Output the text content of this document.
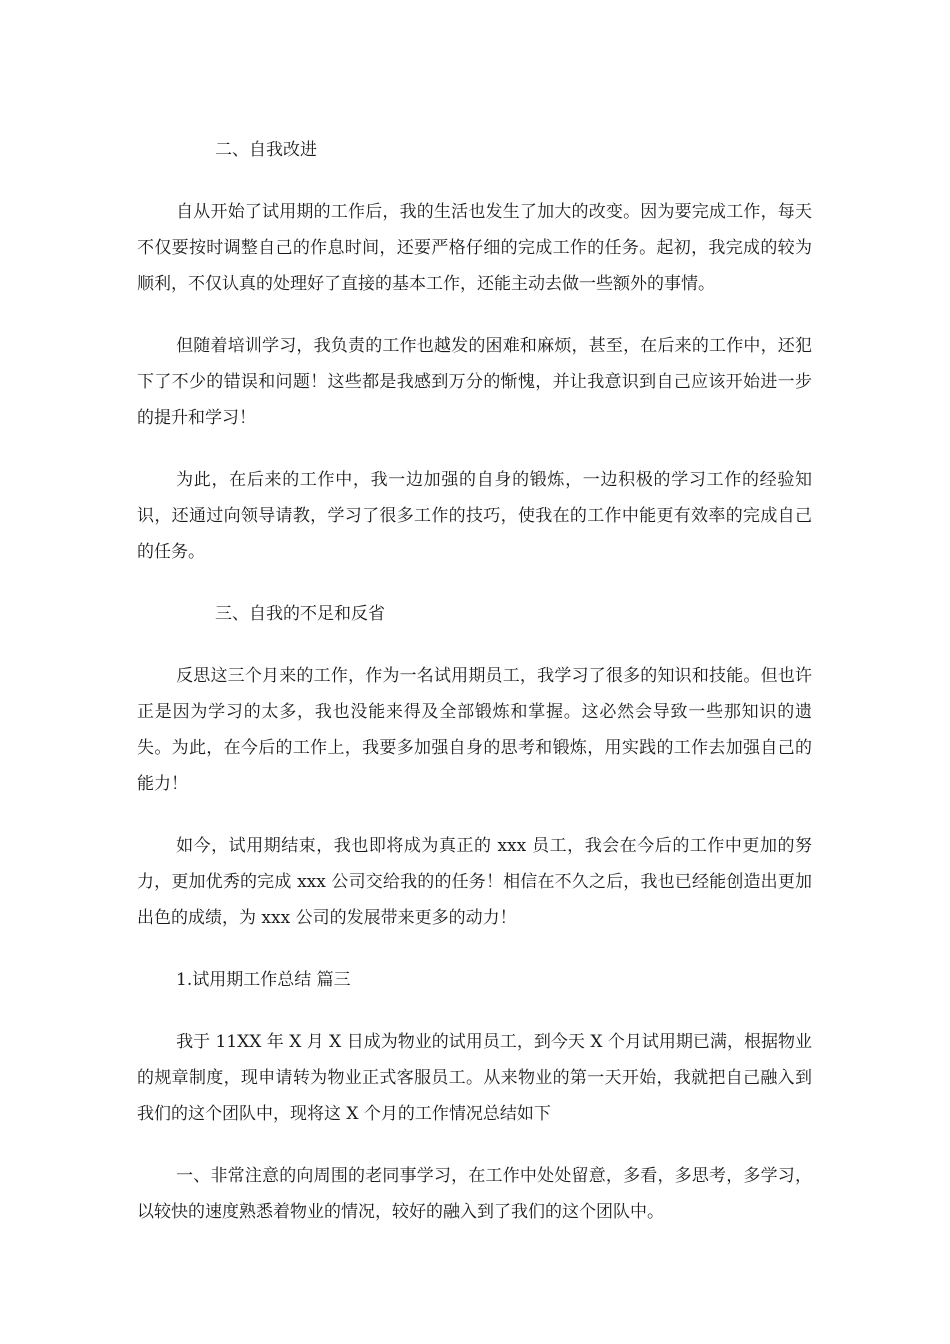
二、自我改进

自从开始了试用期的工作后，我的生活也发生了加大的改变。因为要完成工作，每天不仅要按时调整自己的作息时间，还要严格仔细的完成工作的任务。起初，我完成的较为顺利，不仅认真的处理好了直接的基本工作，还能主动去做一些额外的事情。

但随着培训学习，我负责的工作也越发的困难和麻烦，甚至，在后来的工作中，还犯下了不少的错误和问题！这些都是我感到万分的惭愧，并让我意识到自己应该开始进一步的提升和学习！

为此，在后来的工作中，我一边加强的自身的锻炼，一边积极的学习工作的经验知识，还通过向领导请教，学习了很多工作的技巧，使我在的工作中能更有效率的完成自己的任务。

三、自我的不足和反省

反思这三个月来的工作，作为一名试用期员工，我学习了很多的知识和技能。但也许正是因为学习的太多，我也没能来得及全部锻炼和掌握。这必然会导致一些那知识的遗失。为此，在今后的工作上，我要多加强自身的思考和锻炼，用实践的工作去加强自己的能力！

如今，试用期结束，我也即将成为真正的 xxx 员工，我会在今后的工作中更加的努力，更加优秀的完成 xxx 公司交给我的的任务！相信在不久之后，我也已经能创造出更加出色的成绩，为 xxx 公司的发展带来更多的动力！

1.试用期工作总结 篇三

我于 11XX 年 X 月 X 日成为物业的试用员工，到今天 X 个月试用期已满，根据物业的规章制度，现申请转为物业正式客服员工。从来物业的第一天开始，我就把自己融入到我们的这个团队中，现将这 X 个月的工作情况总结如下

一、非常注意的向周围的老同事学习，在工作中处处留意，多看，多思考，多学习，以较快的速度熟悉着物业的情况，较好的融入到了我们的这个团队中。
